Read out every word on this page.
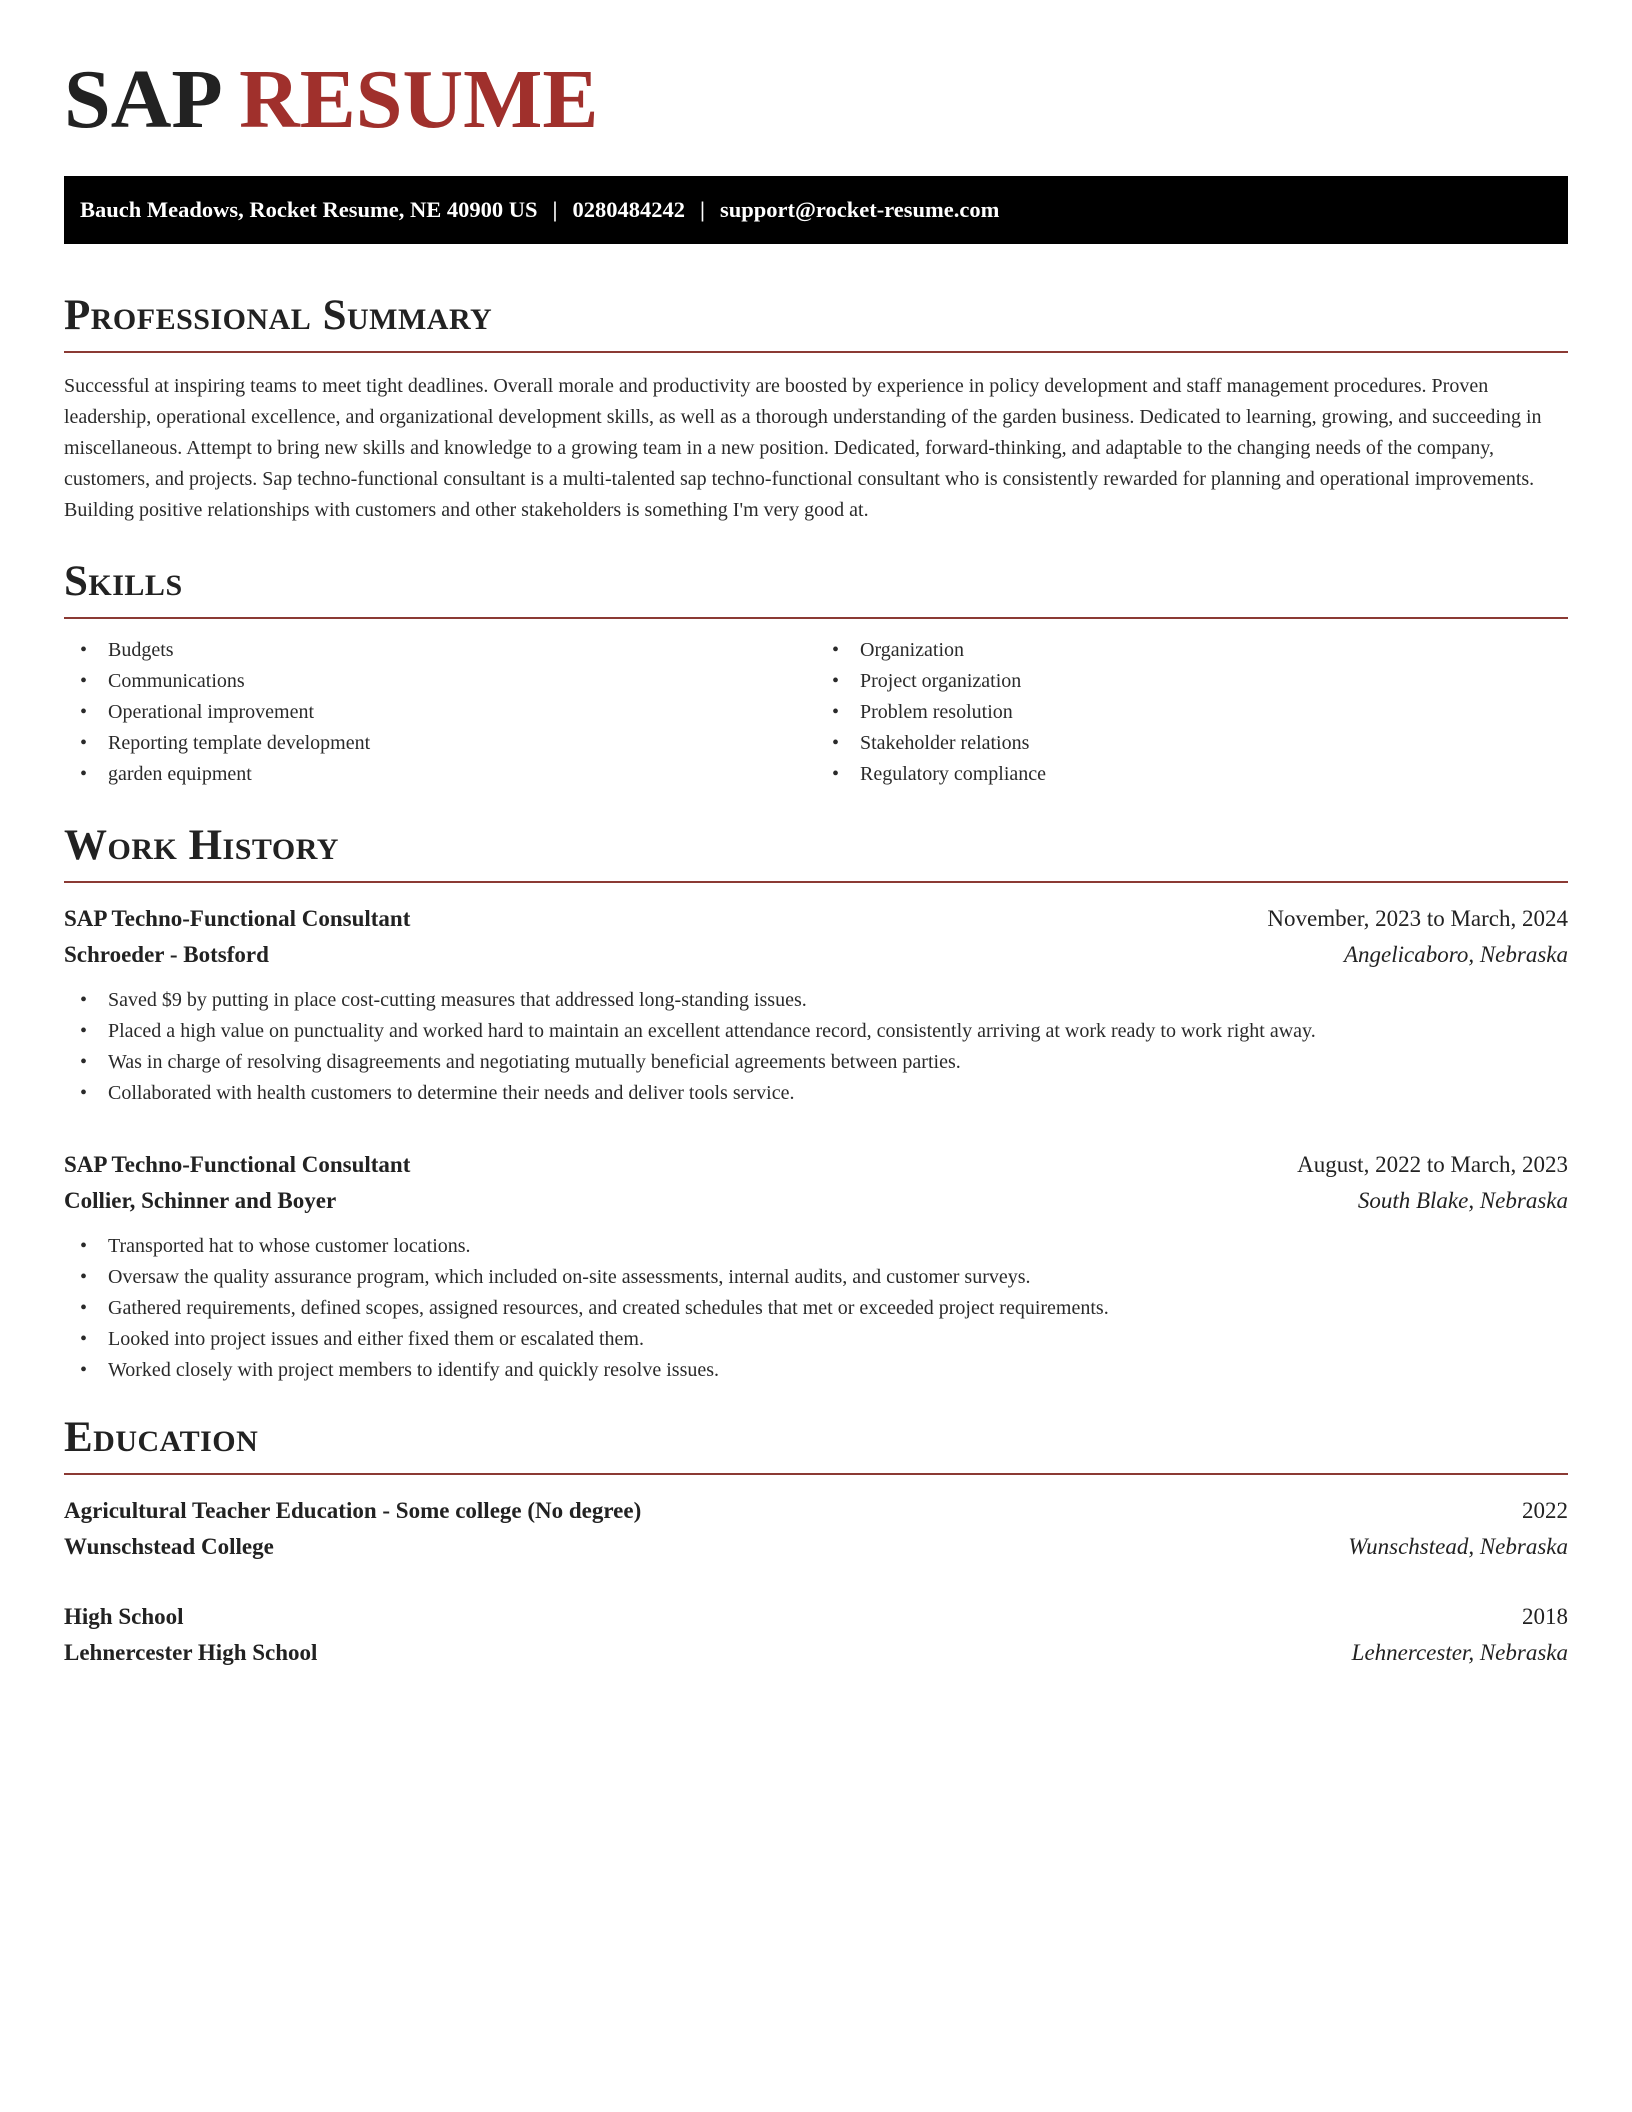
SAP RESUME
Bauch Meadows, Rocket Resume, NE 40900 US | 0280484242 | support@rocket-resume.com
Professional Summary

Successful at inspiring teams to meet tight deadlines. Overall morale and productivity are boosted by experience in policy development and staff management procedures. Proven leadership, operational excellence, and organizational development skills, as well as a thorough understanding of the garden business. Dedicated to learning, growing, and succeeding in miscellaneous. Attempt to bring new skills and knowledge to a growing team in a new position. Dedicated, forward-thinking, and adaptable to the changing needs of the company, customers, and projects. Sap techno-functional consultant is a multi-talented sap techno-functional consultant who is consistently rewarded for planning and operational improvements. Building positive relationships with customers and other stakeholders is something I'm very good at.

Skills
• Budgets
• Communications
• Operational improvement
• Reporting template development
• garden equipment
• Organization
• Project organization
• Problem resolution
• Stakeholder relations
• Regulatory compliance
Work History
SAP Techno-Functional Consultant	November, 2023 to March, 2024
Schroeder - Botsford	Angelicaboro, Nebraska
• Saved $9 by putting in place cost-cutting measures that addressed long-standing issues.
• Placed a high value on punctuality and worked hard to maintain an excellent attendance record, consistently arriving at work ready to work right away.
• Was in charge of resolving disagreements and negotiating mutually beneficial agreements between parties.
• Collaborated with health customers to determine their needs and deliver tools service.
SAP Techno-Functional Consultant	August, 2022 to March, 2023
Collier, Schinner and Boyer	South Blake, Nebraska
• Transported hat to whose customer locations.
• Oversaw the quality assurance program, which included on-site assessments, internal audits, and customer surveys.
• Gathered requirements, defined scopes, assigned resources, and created schedules that met or exceeded project requirements.
• Looked into project issues and either fixed them or escalated them.
• Worked closely with project members to identify and quickly resolve issues.
Education
Agricultural Teacher Education - Some college (No degree)	2022
Wunschstead College	Wunschstead, Nebraska
High School	2018
Lehnercester High School	Lehnercester, Nebraska
